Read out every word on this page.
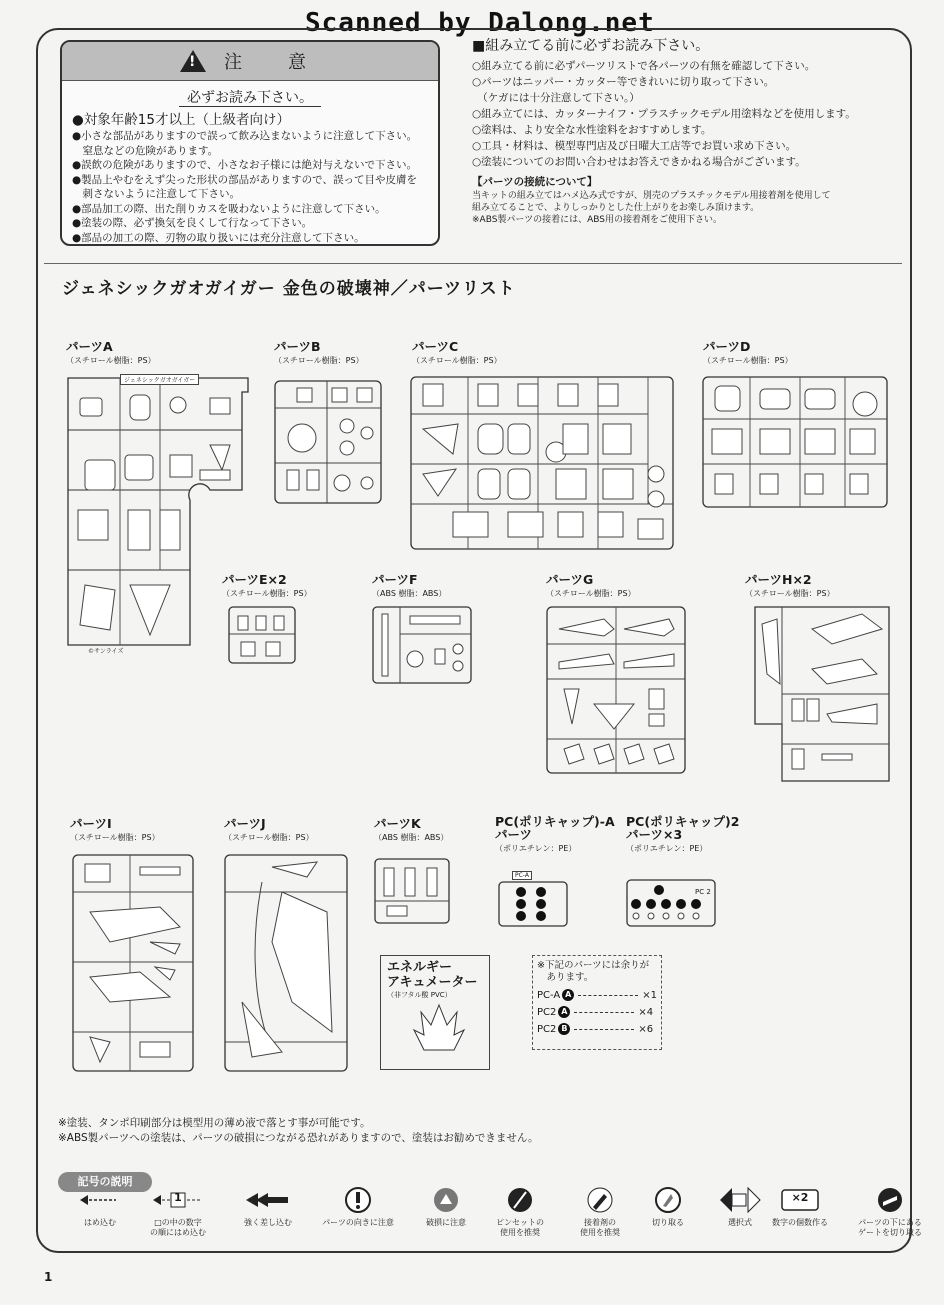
Scanned by Dalong.net
!
注　意
必ずお読み下さい。
●対象年齢15才以上（上級者向け）
●小さな部品がありますので誤って飲み込まないように注意して下さい。
　窒息などの危険があります。
●誤飲の危険がありますので、小さなお子様には絶対与えないで下さい。
●製品上やむをえず尖った形状の部品がありますので、誤って目や皮膚を
　刺さないように注意して下さい。
●部品加工の際、出た削りカスを吸わないように注意して下さい。
●塗装の際、必ず換気を良くして行なって下さい。
●部品の加工の際、刃物の取り扱いには充分注意して下さい。
■組み立てる前に必ずお読み下さい。
○組み立てる前に必ずパーツリストで各パーツの有無を確認して下さい。
○パーツはニッパー・カッター等できれいに切り取って下さい。
　（ケガには十分注意して下さい。）
○組み立てには、カッターナイフ・プラスチックモデル用塗料などを使用します。
○塗料は、より安全な水性塗料をおすすめします。
○工具・材料は、模型専門店及び日曜大工店等でお買い求め下さい。
○塗装についてのお問い合わせはお答えできかねる場合がございます。
【パーツの接続について】
当キットの組み立てはハメ込み式ですが、別売のプラスチックモデル用接着剤を使用して
組み立てることで、よりしっかりとした仕上がりをお楽しみ頂けます。
※ABS製パーツの接着には、ABS用の接着剤をご使用下さい。
ジェネシックガオガイガー 金色の破壊神／パーツリスト
パーツA
（スチロール樹脂：PS）
ジェネシックガオガイガー
©サンライズ
パーツB
（スチロール樹脂：PS）
パーツC
（スチロール樹脂：PS）
パーツD
（スチロール樹脂：PS）
パーツE×2
（スチロール樹脂：PS）
パーツF
（ABS 樹脂：ABS）
パーツG
（スチロール樹脂：PS）
パーツH×2
（スチロール樹脂：PS）
パーツI
（スチロール樹脂：PS）
パーツJ
（スチロール樹脂：PS）
パーツK
（ABS 樹脂：ABS）
PC(ポリキャップ)-A
パーツ
（ポリエチレン：PE）
PC-A
PC(ポリキャップ)2
パーツ×3
（ポリエチレン：PE）
PC 2
エネルギー
アキュメーター
（非フタル酸 PVC）
※下記のパーツには余りが
　あります。
PC-A A	×1
PC2 A	×4
PC2 B	×6
※塗装、タンポ印刷部分は模型用の薄め液で落とす事が可能です。
※ABS製パーツへの塗装は、パーツの破損につながる恐れがありますので、塗装はお勧めできません。
記号の説明
はめ込む
1
□の中の数字
の順にはめ込む
強く差し込む	パーツの向きに注意	破損に注意	ピンセットの
使用を推奨
接着剤の
使用を推奨
切り取る	選択式
×2
数字の個数作る	パーツの下にある
ゲートを切り取る
1
